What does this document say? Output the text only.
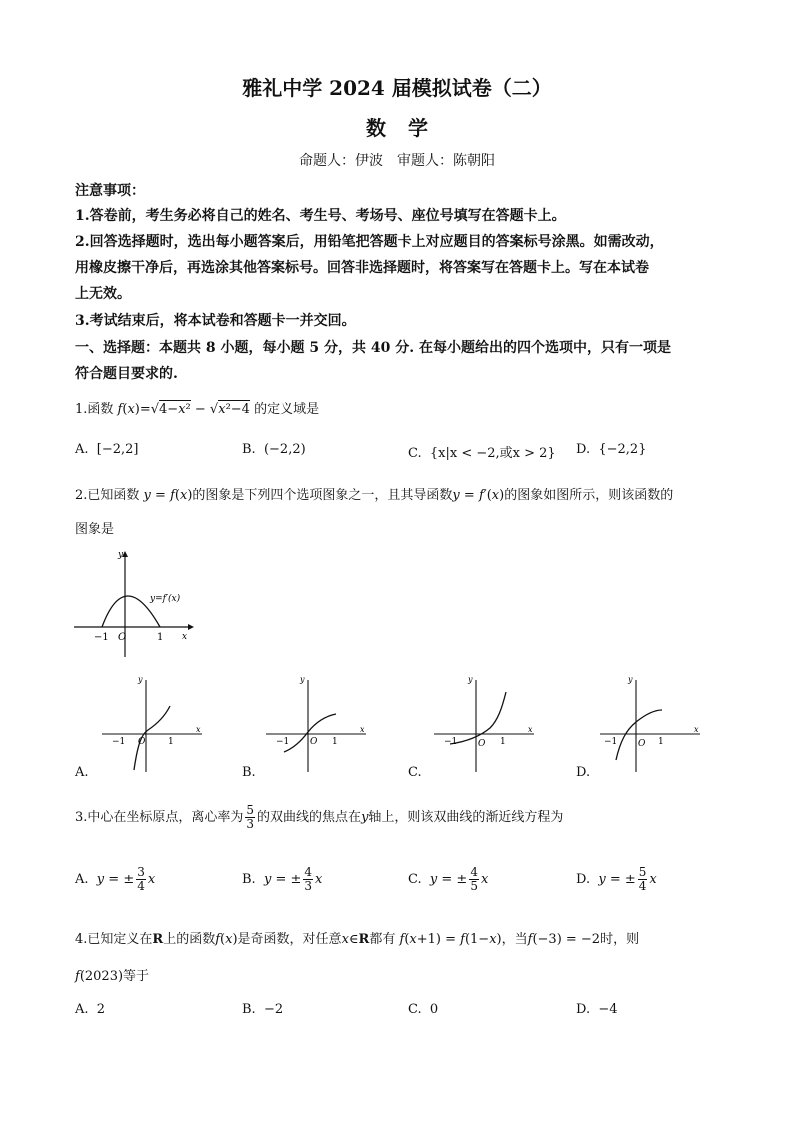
雅礼中学 2024 届模拟试卷（二）
数学
命题人：伊波　审题人：陈朝阳
注意事项：
1.答卷前，考生务必将自己的姓名、考生号、考场号、座位号填写在答题卡上。
2.回答选择题时，选出每小题答案后，用铅笔把答题卡上对应题目的答案标号涂黑。如需改动，
用橡皮擦干净后，再选涂其他答案标号。回答非选择题时，将答案写在答题卡上。写在本试卷
上无效。
3.考试结束后，将本试卷和答题卡一并交回。
一、选择题：本题共 8 小题，每小题 5 分，共 40 分. 在每小题给出的四个选项中，只有一项是
符合题目要求的.
1.函数 f(x)=√4−x² − √x²−4 的定义域是
A. [−2,2]	B. (−2,2)	C. {x|x < −2,或x > 2} D. {−2,2}
2.已知函数 y = f(x)的图象是下列四个选项图象之一，且其导函数y = f′(x)的图象如图所示，则该函数的
图象是
y
x
−1 O	1
y=f′(x)
y
x
−1 O	1
A.
y
x
−1 O 1
B.
y
x
−1 O 1
C.
y
x
−1 O 1
D.
3.中心在坐标原点，离心率为 $\frac{5}{3}$ 的双曲线的焦点在y轴上，则该双曲线的渐近线方程为
A. y = ± $\frac{3}{4}$ x	B. y = ± $\frac{4}{3}$ x	C. y = ± $\frac{4}{5}$ x	D. y = ± $\frac{5}{4}$ x
4.已知定义在R上的函数f(x)是奇函数，对任意x∈R都有 f(x+1) = f(1−x)，当f(−3) = −2时，则
f(2023)等于
A. 2	B. −2	C. 0	D. −4
